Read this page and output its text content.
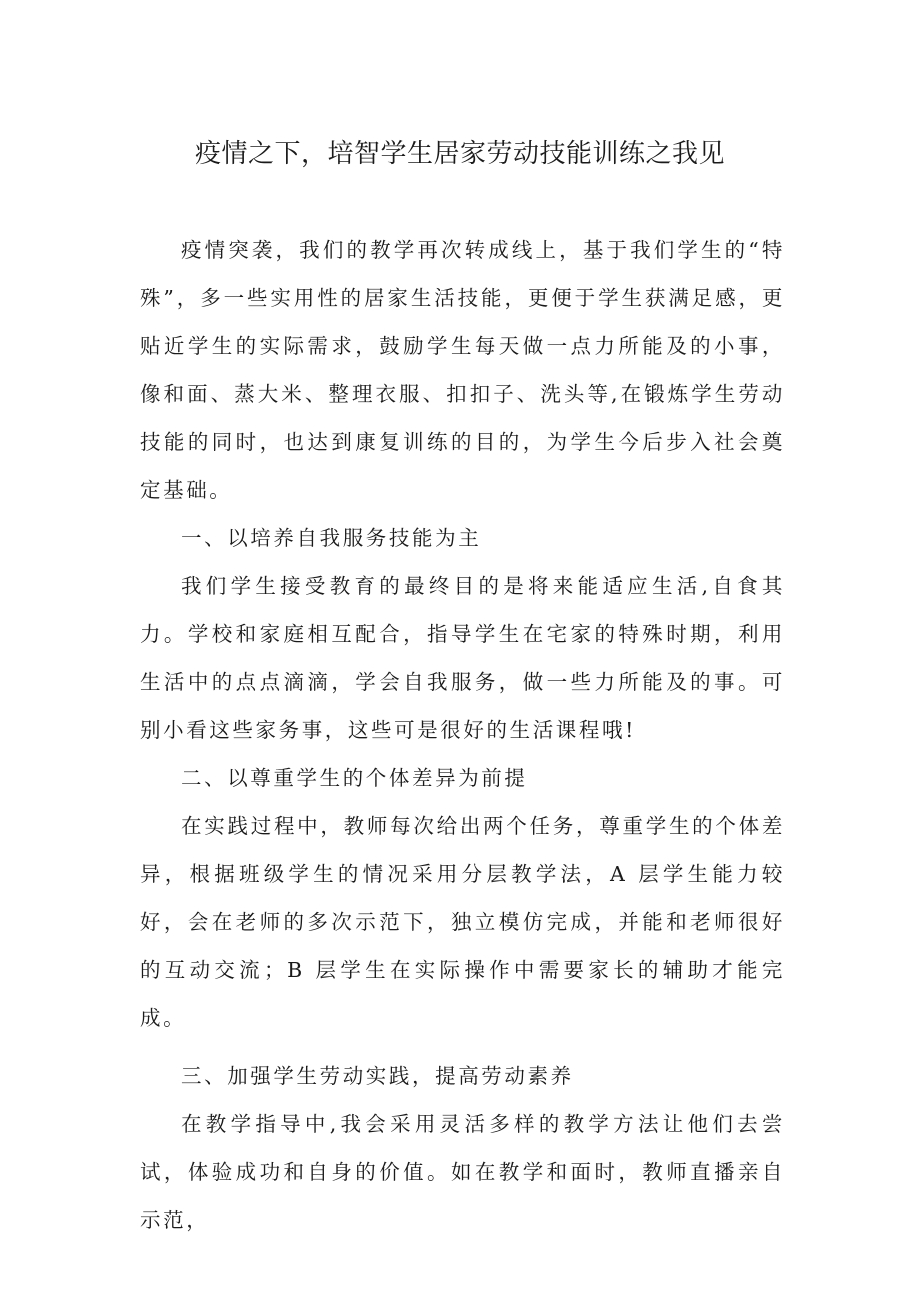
疫情之下，培智学生居家劳动技能训练之我见

疫情突袭，我们的教学再次转成线上，基于我们学生的“特殊”，多一些实用性的居家生活技能，更便于学生获满足感，更贴近学生的实际需求，鼓励学生每天做一点力所能及的小事，像和面、蒸大米、整理衣服、扣扣子、洗头等,在锻炼学生劳动技能的同时，也达到康复训练的目的，为学生今后步入社会奠定基础。

一、以培养自我服务技能为主

我们学生接受教育的最终目的是将来能适应生活,自食其力。学校和家庭相互配合，指导学生在宅家的特殊时期，利用生活中的点点滴滴，学会自我服务，做一些力所能及的事。可别小看这些家务事，这些可是很好的生活课程哦!

二、以尊重学生的个体差异为前提

在实践过程中，教师每次给出两个任务，尊重学生的个体差异，根据班级学生的情况采用分层教学法，A 层学生能力较好，会在老师的多次示范下，独立模仿完成，并能和老师很好的互动交流；B 层学生在实际操作中需要家长的辅助才能完成。

三、加强学生劳动实践，提高劳动素养

在教学指导中,我会采用灵活多样的教学方法让他们去尝试，体验成功和自身的价值。如在教学和面时，教师直播亲自示范，
